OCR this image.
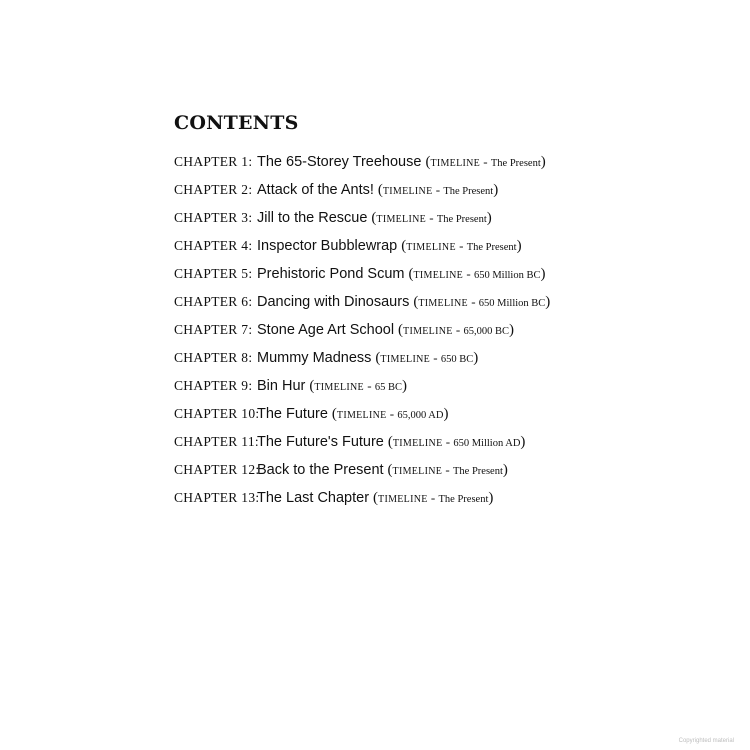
CONTENTS
CHAPTER 1: The 65-Storey Treehouse (TIMELINE - The Present)
CHAPTER 2: Attack of the Ants! (TIMELINE - The Present)
CHAPTER 3: Jill to the Rescue (TIMELINE - The Present)
CHAPTER 4: Inspector Bubblewrap (TIMELINE - The Present)
CHAPTER 5: Prehistoric Pond Scum (TIMELINE - 650 Million BC)
CHAPTER 6: Dancing with Dinosaurs (TIMELINE - 650 Million BC)
CHAPTER 7: Stone Age Art School (TIMELINE - 65,000 BC)
CHAPTER 8: Mummy Madness (TIMELINE - 650 BC)
CHAPTER 9: Bin Hur (TIMELINE - 65 BC)
CHAPTER 10:
The Future (TIMELINE - 65,000 AD)
CHAPTER 11:
The Future's Future (TIMELINE - 650 Million AD)
CHAPTER 12:
Back to the Present (TIMELINE - The Present)
CHAPTER 13:
The Last Chapter (TIMELINE - The Present)
Copyrighted material
